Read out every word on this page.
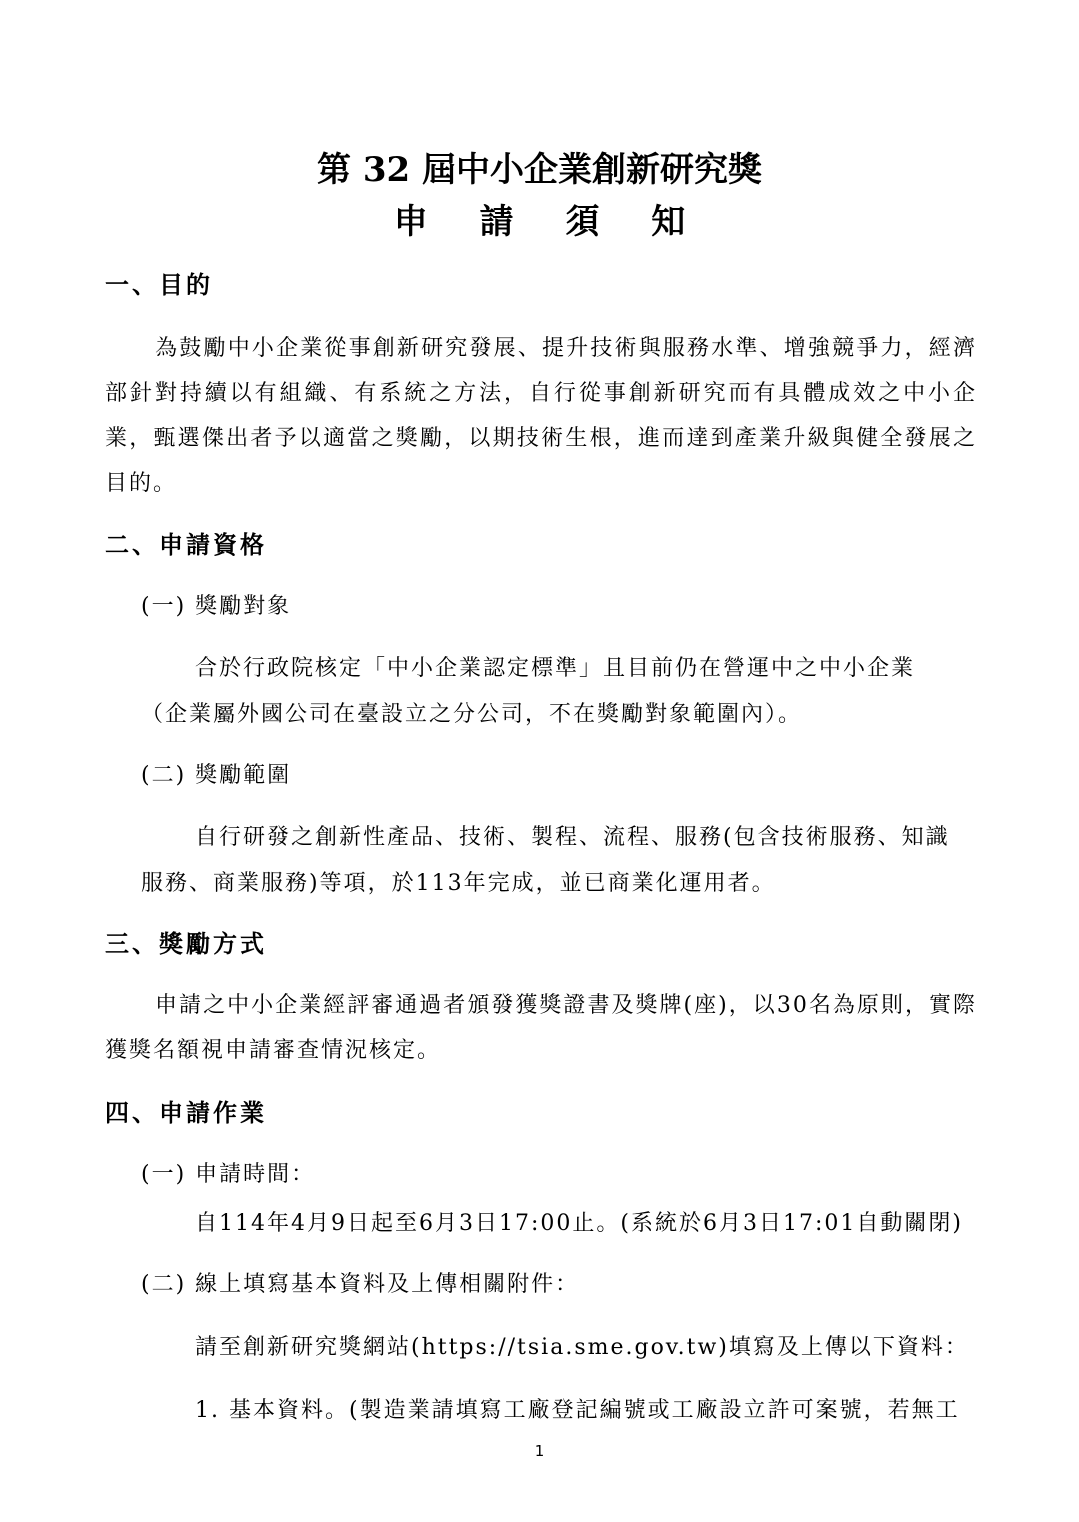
第 32 屆中小企業創新研究獎
申 請 須 知
一、目的

為鼓勵中小企業從事創新研究發展、提升技術與服務水準、增強競爭力，經濟部針對持續以有組織、有系統之方法，自行從事創新研究而有具體成效之中小企業，甄選傑出者予以適當之獎勵，以期技術生根，進而達到產業升級與健全發展之目的。

二、申請資格
(一) 獎勵對象
合於行政院核定「中小企業認定標準」且目前仍在營運中之中小企業
（企業屬外國公司在臺設立之分公司，不在獎勵對象範圍內）。
(二) 獎勵範圍
自行研發之創新性產品、技術、製程、流程、服務(包含技術服務、知識
服務、商業服務)等項，於113年完成，並已商業化運用者。
三、獎勵方式

申請之中小企業經評審通過者頒發獲獎證書及獎牌(座)，以30名為原則，實際獲獎名額視申請審查情況核定。

四、申請作業
(一) 申請時間：
自114年4月9日起至6月3日17:00止。(系統於6月3日17:01自動關閉)
(二) 線上填寫基本資料及上傳相關附件：
請至創新研究獎網站(https://tsia.sme.gov.tw)填寫及上傳以下資料：
1. 基本資料。(製造業請填寫工廠登記編號或工廠設立許可案號，若無工
1
